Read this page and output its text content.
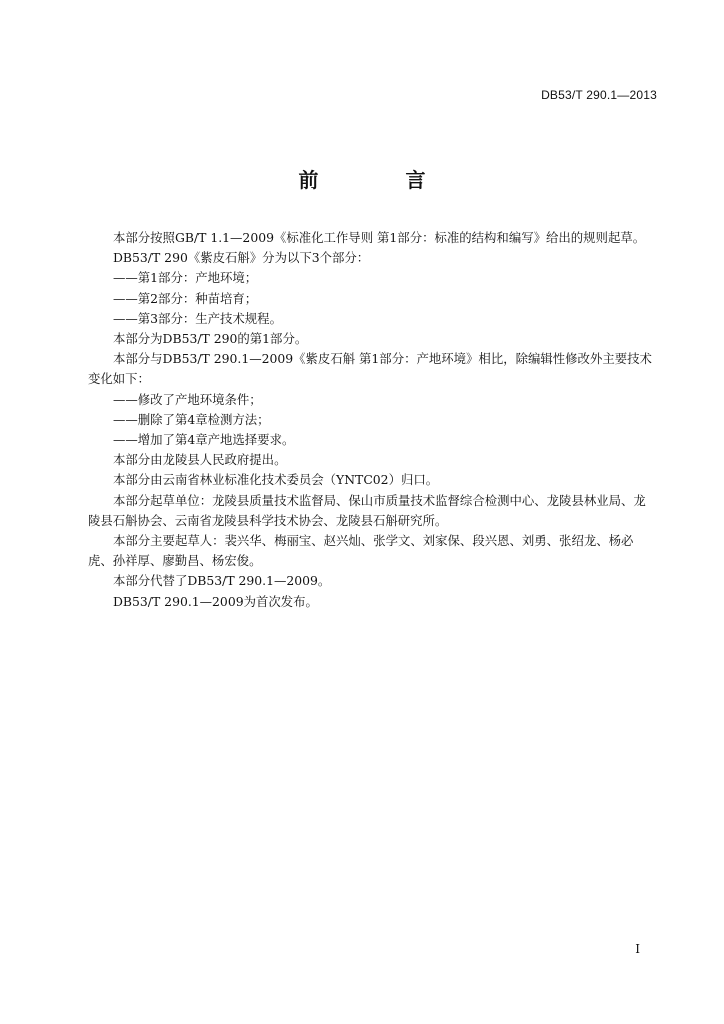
DB53/T 290.1—2013
前 言

本部分按照GB/T 1.1—2009《标准化工作导则 第1部分：标准的结构和编写》给出的规则起草。

DB53/T 290《紫皮石斛》分为以下3个部分：

——第1部分：产地环境；

——第2部分：种苗培育；

——第3部分：生产技术规程。

本部分为DB53/T 290的第1部分。

本部分与DB53/T 290.1—2009《紫皮石斛 第1部分：产地环境》相比，除编辑性修改外主要技术变化如下：

——修改了产地环境条件；

——删除了第4章检测方法；

——增加了第4章产地选择要求。

本部分由龙陵县人民政府提出。

本部分由云南省林业标准化技术委员会（YNTC02）归口。

本部分起草单位：龙陵县质量技术监督局、保山市质量技术监督综合检测中心、龙陵县林业局、龙陵县石斛协会、云南省龙陵县科学技术协会、龙陵县石斛研究所。

本部分主要起草人：裴兴华、梅丽宝、赵兴灿、张学文、刘家保、段兴恩、刘勇、张绍龙、杨必虎、孙祥厚、廖勤昌、杨宏俊。

本部分代替了DB53/T 290.1—2009。

DB53/T 290.1—2009为首次发布。

I
